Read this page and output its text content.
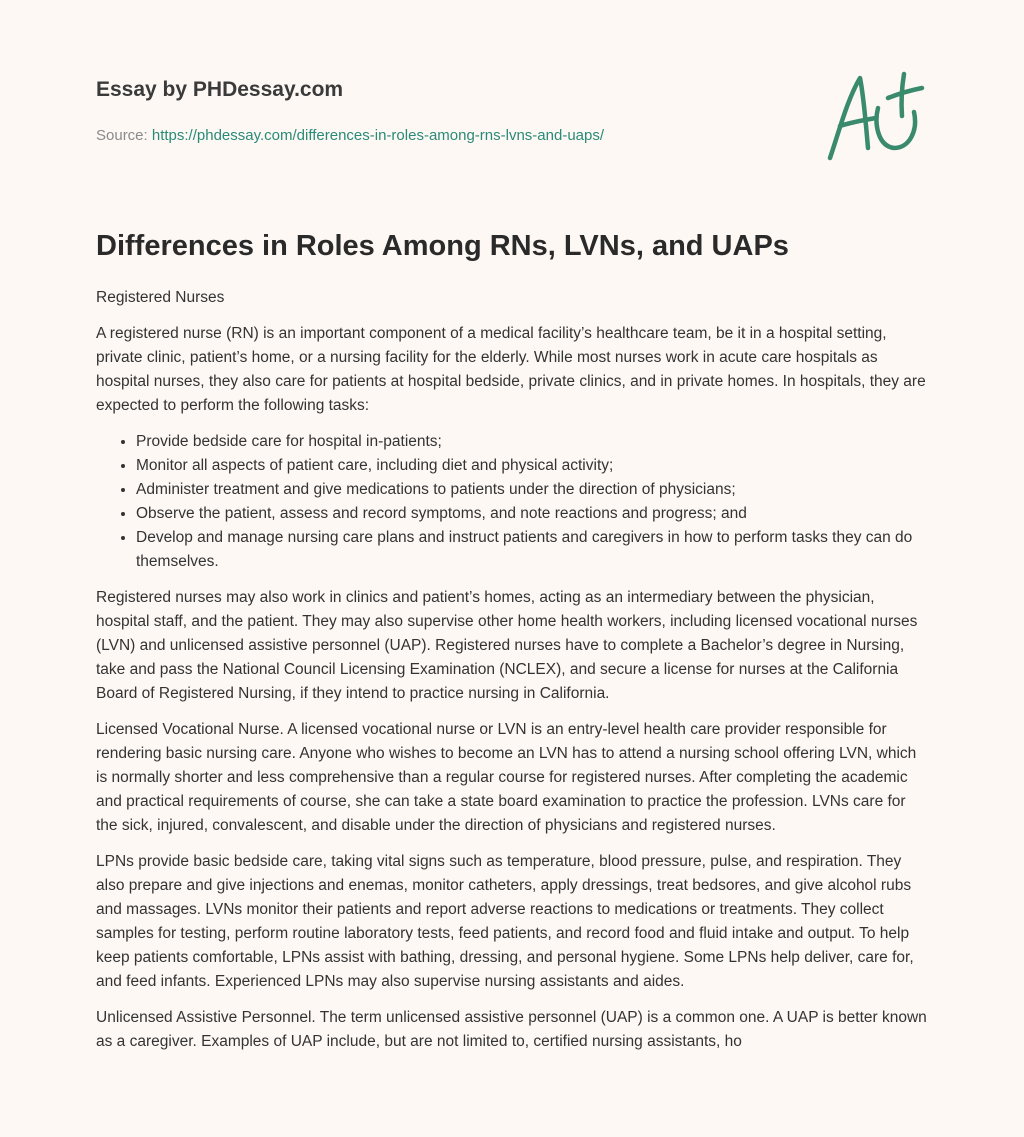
Essay by PHDessay.com
Source: https://phdessay.com/differences-in-roles-among-rns-lvns-and-uaps/
Differences in Roles Among RNs, LVNs, and UAPs

Registered Nurses

A registered nurse (RN) is an important component of a medical facility’s healthcare team, be it in a hospital setting, private clinic, patient’s home, or a nursing facility for the elderly. While most nurses work in acute care hospitals as hospital nurses, they also care for patients at hospital bedside, private clinics, and in private homes. In hospitals, they are expected to perform the following tasks:

• Provide bedside care for hospital in-patients;
• Monitor all aspects of patient care, including diet and physical activity;
• Administer treatment and give medications to patients under the direction of physicians;
• Observe the patient, assess and record symptoms, and note reactions and progress; and
• Develop and manage nursing care plans and instruct patients and caregivers in how to perform tasks they can do themselves.

Registered nurses may also work in clinics and patient’s homes, acting as an intermediary between the physician, hospital staff, and the patient. They may also supervise other home health workers, including licensed vocational nurses (LVN) and unlicensed assistive personnel (UAP). Registered nurses have to complete a Bachelor’s degree in Nursing, take and pass the National Council Licensing Examination (NCLEX), and secure a license for nurses at the California Board of Registered Nursing, if they intend to practice nursing in California.

Licensed Vocational Nurse. A licensed vocational nurse or LVN is an entry-level health care provider responsible for rendering basic nursing care. Anyone who wishes to become an LVN has to attend a nursing school offering LVN, which is normally shorter and less comprehensive than a regular course for registered nurses. After completing the academic and practical requirements of course, she can take a state board examination to practice the profession. LVNs care for the sick, injured, convalescent, and disable under the direction of physicians and registered nurses.

LPNs provide basic bedside care, taking vital signs such as temperature, blood pressure, pulse, and respiration. They also prepare and give injections and enemas, monitor catheters, apply dressings, treat bedsores, and give alcohol rubs and massages. LVNs monitor their patients and report adverse reactions to medications or treatments. They collect samples for testing, perform routine laboratory tests, feed patients, and record food and fluid intake and output. To help keep patients comfortable, LPNs assist with bathing, dressing, and personal hygiene. Some LPNs help deliver, care for, and feed infants. Experienced LPNs may also supervise nursing assistants and aides.

Unlicensed Assistive Personnel. The term unlicensed assistive personnel (UAP) is a common one. A UAP is better known as a caregiver. Examples of UAP include, but are not limited to, certified nursing assistants, ho
